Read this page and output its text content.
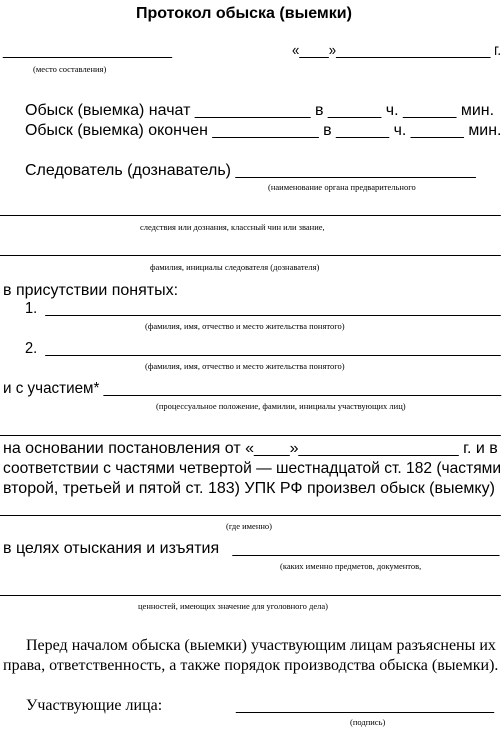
Протокол обыска (выемки)
___________________	«____»_____________________ г.
(место составления)
Обыск (выемка) начат _____________ в ______ ч. ______ мин.
Обыск (выемка) окончен ____________ в ______ ч. ______ мин.
Следователь (дознаватель) ___________________________
(наименование органа предварительного
______________________________________________________________
следствия или дознания, классный чин или звание,
______________________________________________________________
фамилия, инициалы следователя (дознавателя)
в присутствии понятых:
1.  ________________________________________________________
(фамилия, имя, отчество и место жительства понятого)
2.  ________________________________________________________
(фамилия, имя, отчество и место жительства понятого)
и с участием* _______________________________________________
(процессуальное положение, фамилии, инициалы участвующих лиц)
______________________________________________________________
на основании постановления от «____»__________________ г. и в
соответствии с частями четвертой — шестнадцатой ст. 182 (частями
второй, третьей и пятой ст. 183) УПК РФ произвел обыск (выемку)
______________________________________________________________
(где именно)
в целях отыскания и изъятия   ______________________________
(каких именно предметов, документов,
______________________________________________________________
ценностей, имеющих значение для уголовного дела)
Перед началом обыска (выемки) участвующим лицам разъяснены их
права, ответственность, а также порядок производства обыска (выемки).
Участвующие лица:	_____________________________
(подпись)
